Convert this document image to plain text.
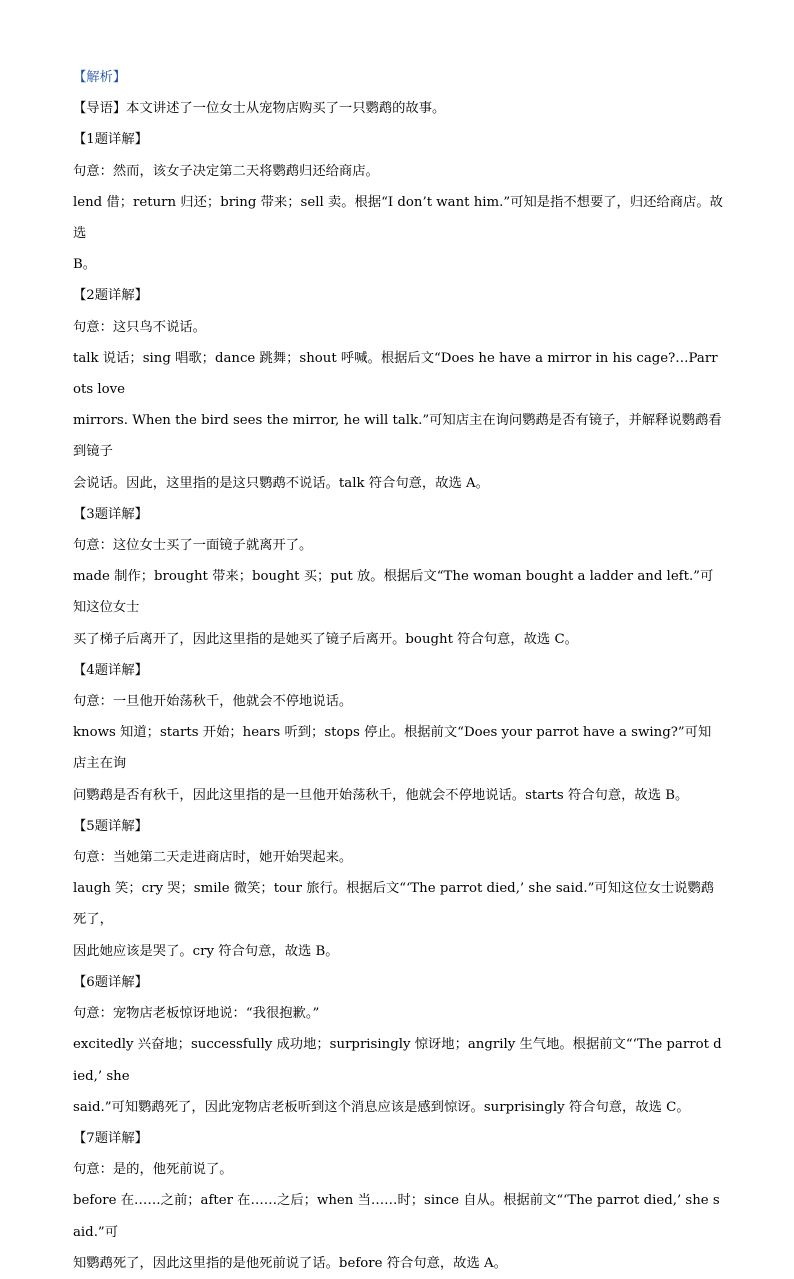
【解析】

【导语】本文讲述了一位女士从宠物店购买了一只鹦鹉的故事。

【1题详解】

句意：然而，该女子决定第二天将鹦鹉归还给商店。

lend 借；return 归还；bring 带来；sell 卖。根据“I don’t want him.”可知是指不想要了，归还给商店。故选

B。

【2题详解】

句意：这只鸟不说话。

talk 说话；sing 唱歌；dance 跳舞；shout 呼喊。根据后文“Does he have a mirror in his cage?…Parrots love

mirrors. When the bird sees the mirror, he will talk.”可知店主在询问鹦鹉是否有镜子，并解释说鹦鹉看到镜子

会说话。因此，这里指的是这只鹦鹉不说话。talk 符合句意，故选 A。

【3题详解】

句意：这位女士买了一面镜子就离开了。

made 制作；brought 带来；bought 买；put 放。根据后文“The woman bought a ladder and left.”可知这位女士

买了梯子后离开了，因此这里指的是她买了镜子后离开。bought 符合句意，故选 C。

【4题详解】

句意：一旦他开始荡秋千，他就会不停地说话。

knows 知道；starts 开始；hears 听到；stops 停止。根据前文“Does your parrot have a swing?”可知店主在询

问鹦鹉是否有秋千，因此这里指的是一旦他开始荡秋千，他就会不停地说话。starts 符合句意，故选 B。

【5题详解】

句意：当她第二天走进商店时，她开始哭起来。

laugh 笑；cry 哭；smile 微笑；tour 旅行。根据后文“‘The parrot died,’ she said.”可知这位女士说鹦鹉死了，

因此她应该是哭了。cry 符合句意，故选 B。

【6题详解】

句意：宠物店老板惊讶地说：“我很抱歉。”

excitedly 兴奋地；successfully 成功地；surprisingly 惊讶地；angrily 生气地。根据前文“‘The parrot died,’ she

said.”可知鹦鹉死了，因此宠物店老板听到这个消息应该是感到惊讶。surprisingly 符合句意，故选 C。

【7题详解】

句意：是的，他死前说了。

before 在……之前；after 在……之后；when 当……时；since 自从。根据前文“‘The parrot died,’ she said.”可

知鹦鹉死了，因此这里指的是他死前说了话。before 符合句意，故选 A。
